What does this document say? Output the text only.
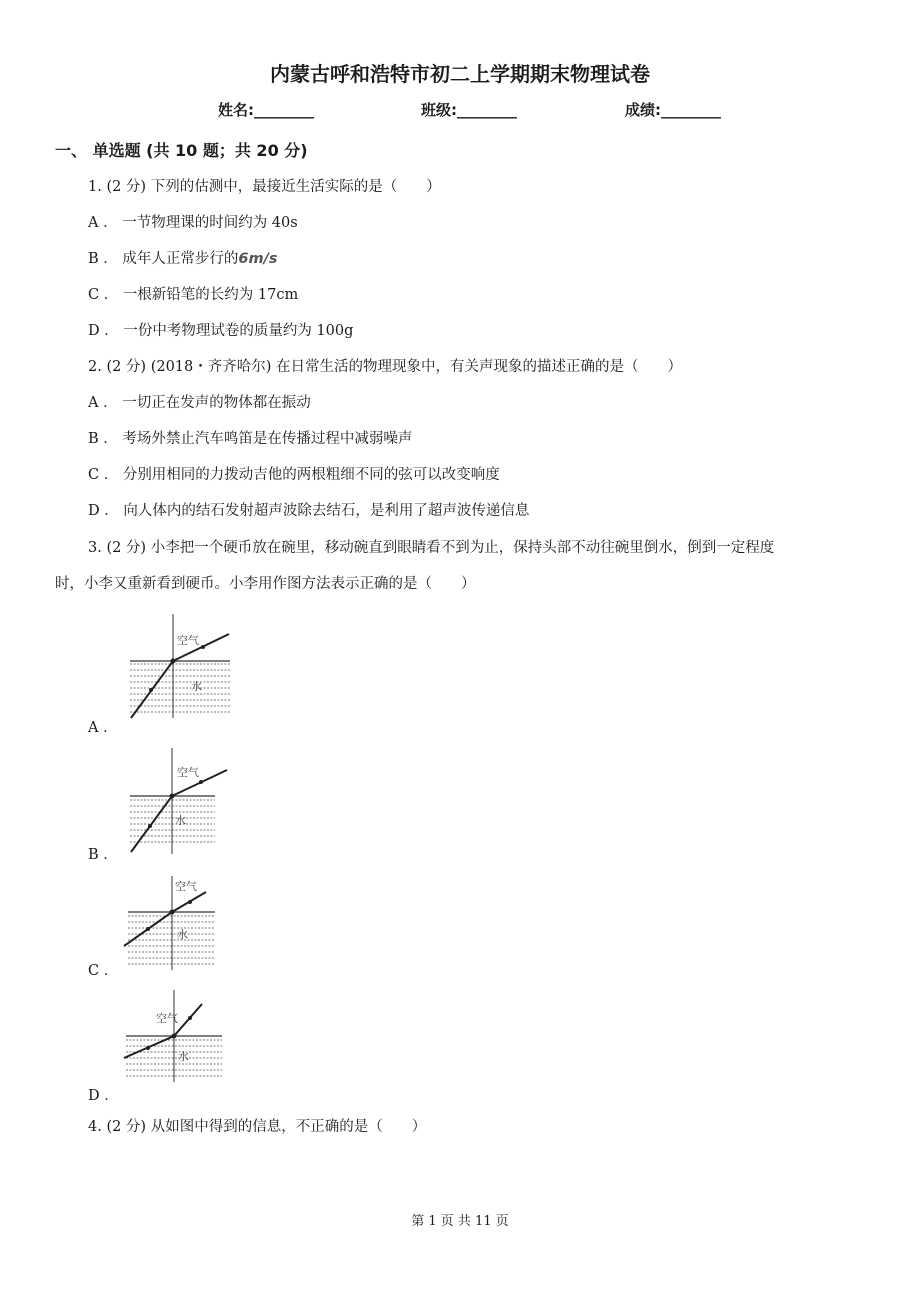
内蒙古呼和浩特市初二上学期期末物理试卷
姓名:________	班级:________	成绩:________
一、 单选题 (共 10 题；共 20 分)
1. (2 分) 下列的估测中，最接近生活实际的是（　　）
A ． 一节物理课的时间约为 40s
B ． 成年人正常步行的6m/s
C ． 一根新铅笔的长约为 17cm
D ． 一份中考物理试卷的质量约为 100g
2. (2 分) (2018・齐齐哈尔) 在日常生活的物理现象中，有关声现象的描述正确的是（　　）
A ． 一切正在发声的物体都在振动
B ． 考场外禁止汽车鸣笛是在传播过程中减弱噪声
C ． 分别用相同的力拨动吉他的两根粗细不同的弦可以改变响度
D ． 向人体内的结石发射超声波除去结石，是利用了超声波传递信息
3. (2 分) 小李把一个硬币放在碗里，移动碗直到眼睛看不到为止，保持头部不动往碗里倒水，倒到一定程度
时，小李又重新看到硬币。小李用作图方法表示正确的是（　　）
空气
水
A ．
空气
水
B ．
空气
水
C ．
空气
水
D ．
4. (2 分) 从如图中得到的信息，不正确的是（　　）
第 1 页 共 11 页
